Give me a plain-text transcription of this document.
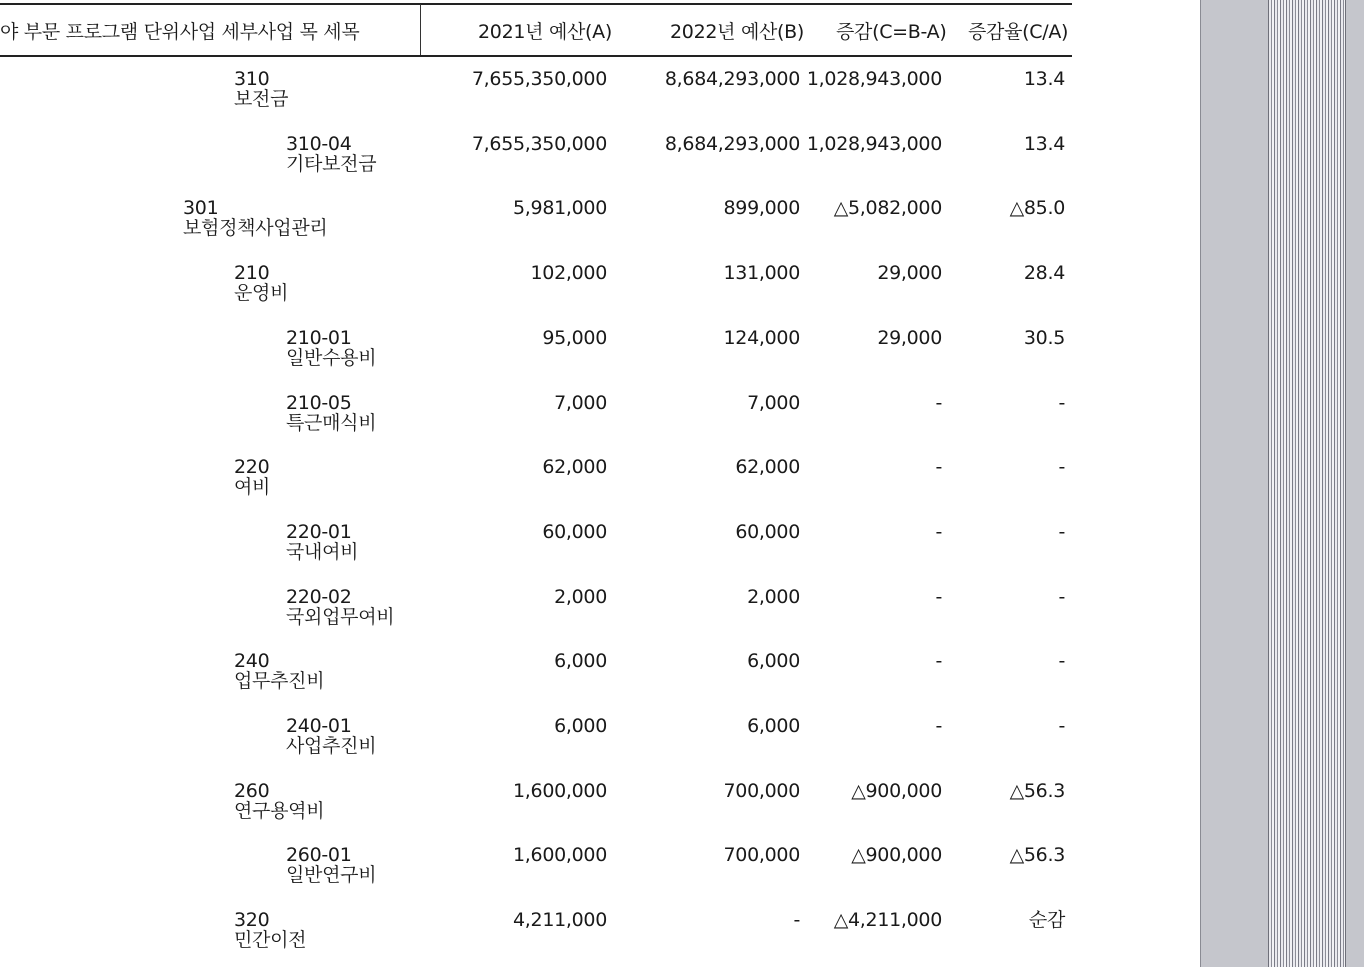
야 부문 프로그램 단위사업 세부사업 목 세목	2021년 예산(A)	2022년 예산(B) 증감(C=B-A) 증감율(C/A)
310
보전금
7,655,350,000	8,684,293,000 1,028,943,000	13.4
310-04
기타보전금
7,655,350,000	8,684,293,000 1,028,943,000	13.4
301
보험정책사업관리
5,981,000	899,000 △5,082,000	△85.0
210
운영비
102,000	131,000	29,000	28.4
210-01
일반수용비
95,000	124,000	29,000	30.5
210-05
특근매식비
7,000	7,000	-	-
220
여비
62,000	62,000	-	-
220-01
국내여비
60,000	60,000	-	-
220-02
국외업무여비
2,000	2,000	-	-
240
업무추진비
6,000	6,000	-	-
240-01
사업추진비
6,000	6,000	-	-
260
연구용역비
1,600,000	700,000	△900,000	△56.3
260-01
일반연구비
1,600,000	700,000	△900,000	△56.3
320
민간이전
4,211,000	- △4,211,000	순감
